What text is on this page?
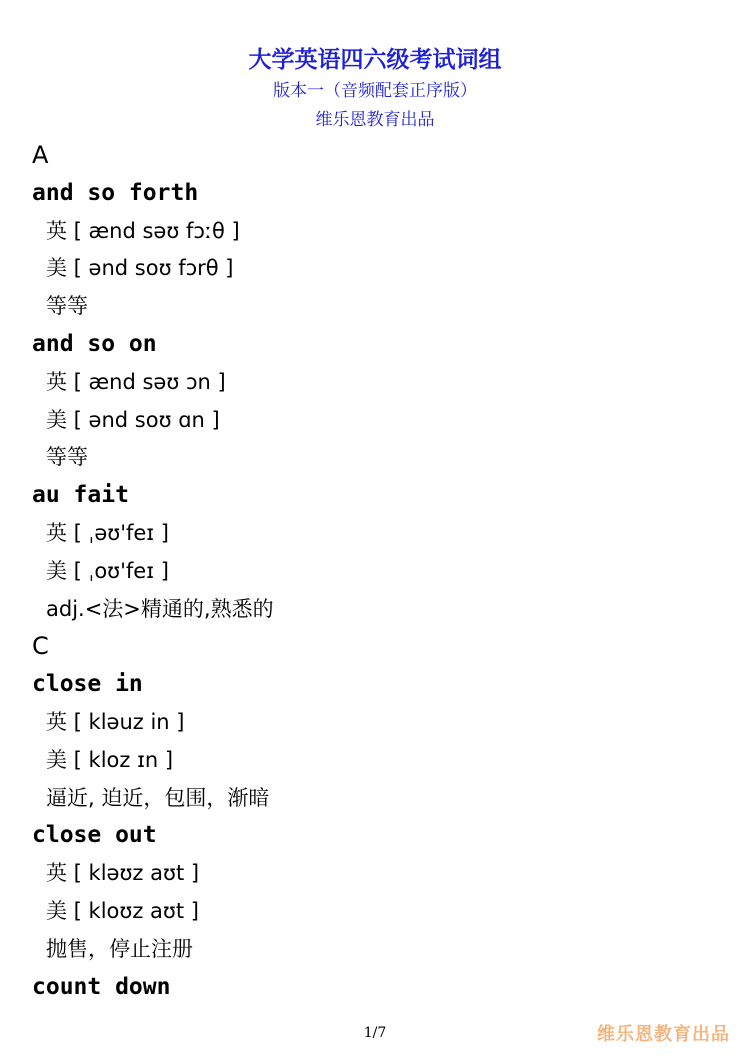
大学英语四六级考试词组
版本一（音频配套正序版）
维乐恩教育出品
A
and so forth
英 [ ænd səʊ fɔːθ ]
美 [ ənd soʊ fɔrθ ]
等等
and so on
英 [ ænd səʊ ɔn ]
美 [ ənd soʊ ɑn ]
等等
au fait
英 [ ˌəʊ'feɪ ]
美 [ ˌoʊ'feɪ ]
adj.<法>精通的,熟悉的
C
close in
英 [ kləuz in ]
美 [ kloz ɪn ]
逼近, 迫近，包围，渐暗
close out
英 [ kləʊz aʊt ]
美 [ kloʊz aʊt ]
抛售，停止注册
count down
1/7	维乐恩教育出品
